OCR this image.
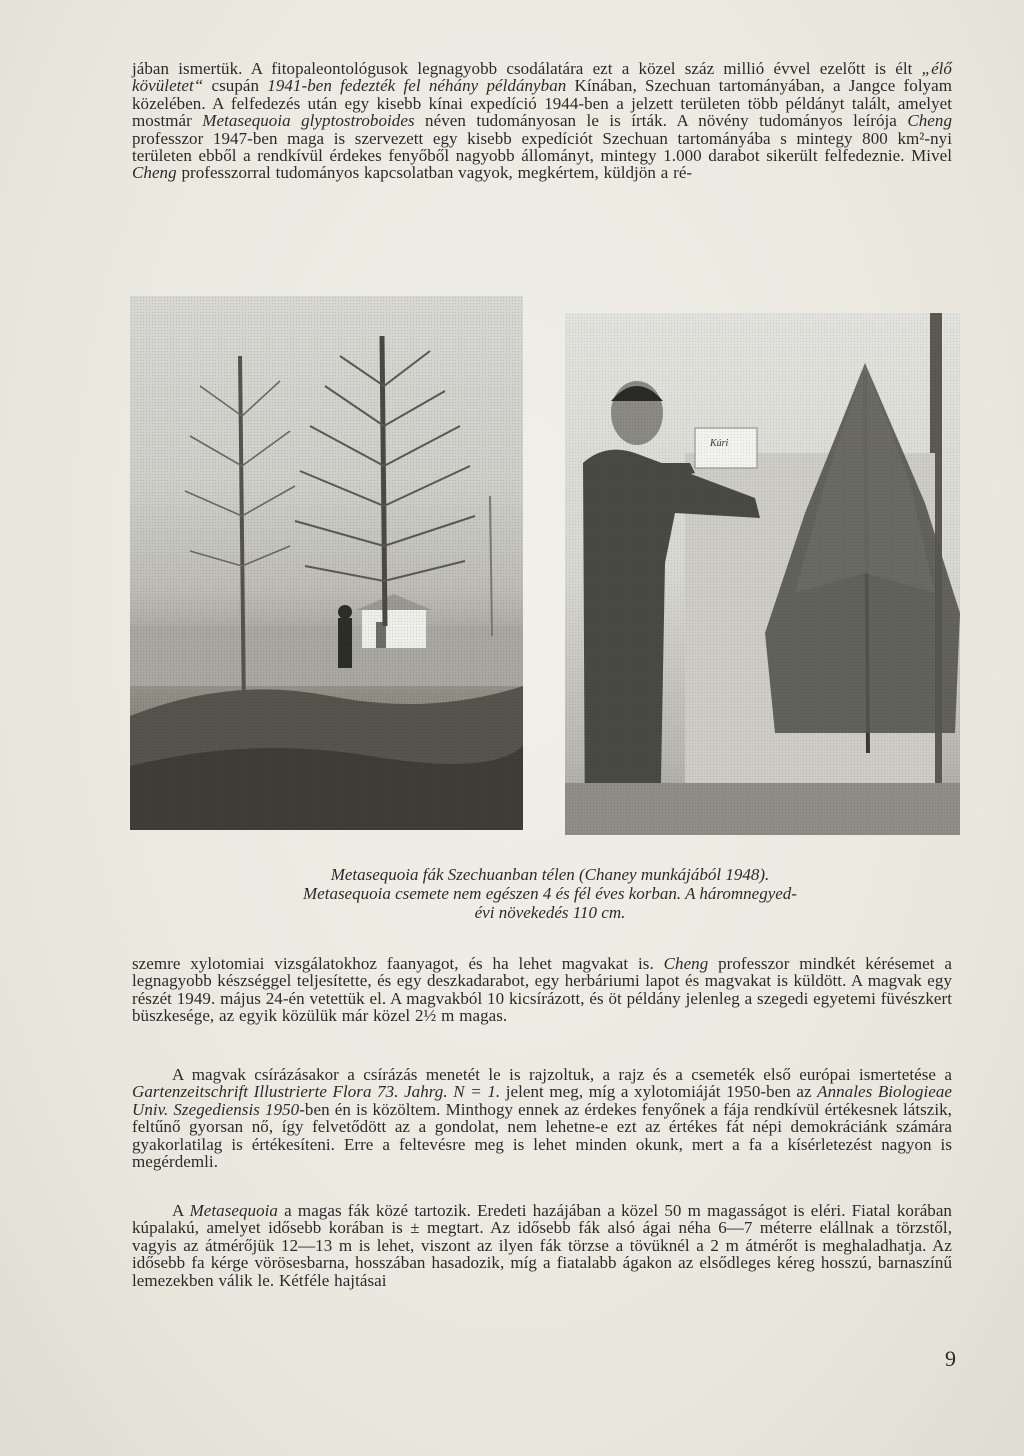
jában ismertük. A fitopaleontológusok legnagyobb csodálatára ezt a közel száz millió évvel ezelőtt is élt „élő kövületet“ csupán 1941-ben fedezték fel néhány példányban Kínában, Szechuan tartományában, a Jangce folyam közelében. A felfedezés után egy kisebb kínai expedíció 1944-ben a jelzett területen több példányt talált, amelyet mostmár Metasequoia glyptostroboides néven tudományosan le is írták. A növény tudományos leírója Cheng professzor 1947-ben maga is szervezett egy kisebb expedíciót Szechuan tartományába s mintegy 800 km²-nyi területen ebből a rendkívül érdekes fenyőből nagyobb állományt, mintegy 1.000 darabot sikerült felfedeznie. Mivel Cheng professzorral tudományos kapcsolatban vagyok, megkértem, küldjön a ré-

Metasequoia fák Szechuanban télen (Chaney munkájából 1948).
Metasequoia csemete nem egészen 4 és fél éves korban. A háromnegyed-
évi növekedés 110 cm.

szemre xylotomiai vizsgálatokhoz faanyagot, és ha lehet magvakat is. Cheng professzor mindkét kérésemet a legnagyobb készséggel teljesítette, és egy deszkadarabot, egy herbáriumi lapot és magvakat is küldött. A magvak egy részét 1949. május 24-én vetettük el. A magvakból 10 kicsírázott, és öt példány jelenleg a szegedi egyetemi füvészkert büszkesége, az egyik közülük már közel 2½ m magas.

A magvak csírázásakor a csírázás menetét le is rajzoltuk, a rajz és a csemeték első európai ismertetése a Gartenzeitschrift Illustrierte Flora 73. Jahrg. N = 1. jelent meg, míg a xylotomiáját 1950-ben az Annales Biologieae Univ. Szegediensis 1950-ben én is közöltem. Minthogy ennek az érdekes fenyőnek a fája rendkívül értékesnek látszik, feltűnő gyorsan nő, így felvetődött az a gondolat, nem lehetne-e ezt az értékes fát népi demokráciánk számára gyakorlatilag is értékesíteni. Erre a feltevésre meg is lehet minden okunk, mert a fa a kísérletezést nagyon is megérdemli.

A Metasequoia a magas fák közé tartozik. Eredeti hazájában a közel 50 m magasságot is eléri. Fiatal korában kúpalakú, amelyet idősebb korában is ± megtart. Az idősebb fák alsó ágai néha 6—7 méterre elállnak a törzstől, vagyis az átmérőjük 12—13 m is lehet, viszont az ilyen fák törzse a tövüknél a 2 m átmérőt is meghaladhatja. Az idősebb fa kérge vörösesbarna, hosszában hasadozik, míg a fiatalabb ágakon az elsődleges kéreg hosszú, barnaszínű lemezekben válik le. Kétféle hajtásai

9
